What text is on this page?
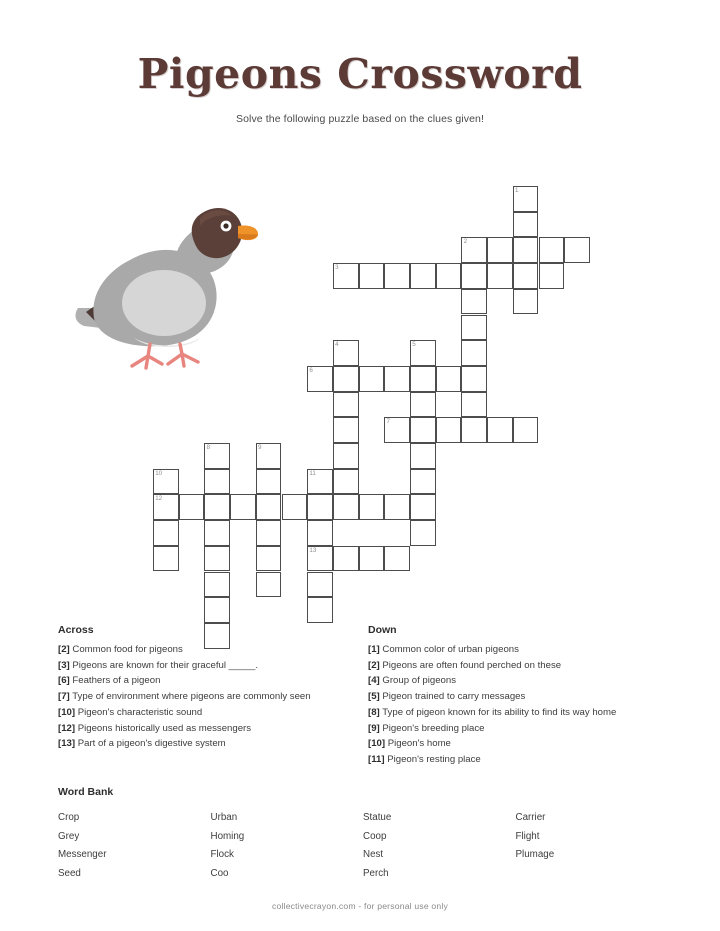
Pigeons Crossword
Solve the following puzzle based on the clues given!
1
2
3
4	5
6
7
8	9
10	11
12
13
Across
[2] Common food for pigeons
[3] Pigeons are known for their graceful _____.
[6] Feathers of a pigeon
[7] Type of environment where pigeons are commonly seen
[10] Pigeon's characteristic sound
[12] Pigeons historically used as messengers
[13] Part of a pigeon's digestive system
Down
[1] Common color of urban pigeons
[2] Pigeons are often found perched on these
[4] Group of pigeons
[5] Pigeon trained to carry messages
[8] Type of pigeon known for its ability to find its way home
[9] Pigeon's breeding place
[10] Pigeon's home
[11] Pigeon's resting place
Word Bank
Crop
Grey
Messenger
Seed
Urban
Homing
Flock
Coo
Statue
Coop
Nest
Perch
Carrier
Flight
Plumage
collectivecrayon.com - for personal use only
